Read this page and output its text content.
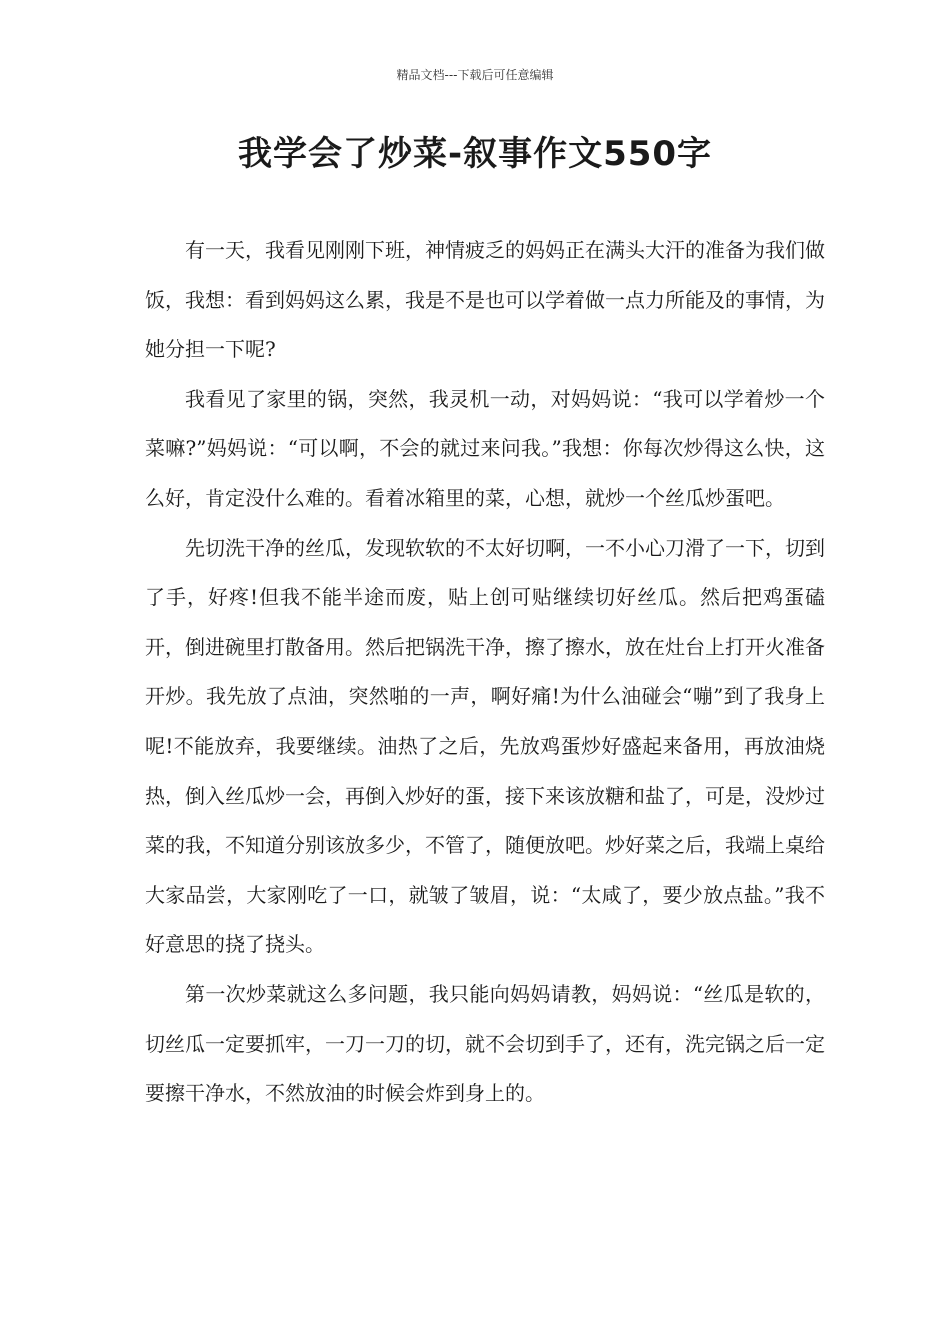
精品文档---下载后可任意编辑
我学会了炒菜-叙事作文550字

有一天，我看见刚刚下班，神情疲乏的妈妈正在满头大汗的准备为我们做饭，我想：看到妈妈这么累，我是不是也可以学着做一点力所能及的事情，为她分担一下呢?

我看见了家里的锅，突然，我灵机一动，对妈妈说：“我可以学着炒一个菜嘛?”妈妈说：“可以啊，不会的就过来问我。”我想：你每次炒得这么快，这么好，肯定没什么难的。看着冰箱里的菜，心想，就炒一个丝瓜炒蛋吧。

先切洗干净的丝瓜，发现软软的不太好切啊，一不小心刀滑了一下，切到了手，好疼!但我不能半途而废，贴上创可贴继续切好丝瓜。然后把鸡蛋磕开，倒进碗里打散备用。然后把锅洗干净，擦了擦水，放在灶台上打开火准备开炒。我先放了点油，突然啪的一声，啊好痛!为什么油碰会“嘣”到了我身上呢!不能放弃，我要继续。油热了之后，先放鸡蛋炒好盛起来备用，再放油烧热，倒入丝瓜炒一会，再倒入炒好的蛋，接下来该放糖和盐了，可是，没炒过菜的我，不知道分别该放多少，不管了，随便放吧。炒好菜之后，我端上桌给大家品尝，大家刚吃了一口，就皱了皱眉，说：“太咸了，要少放点盐。”我不好意思的挠了挠头。

第一次炒菜就这么多问题，我只能向妈妈请教，妈妈说：“丝瓜是软的，切丝瓜一定要抓牢，一刀一刀的切，就不会切到手了，还有，洗完锅之后一定要擦干净水，不然放油的时候会炸到身上的。
